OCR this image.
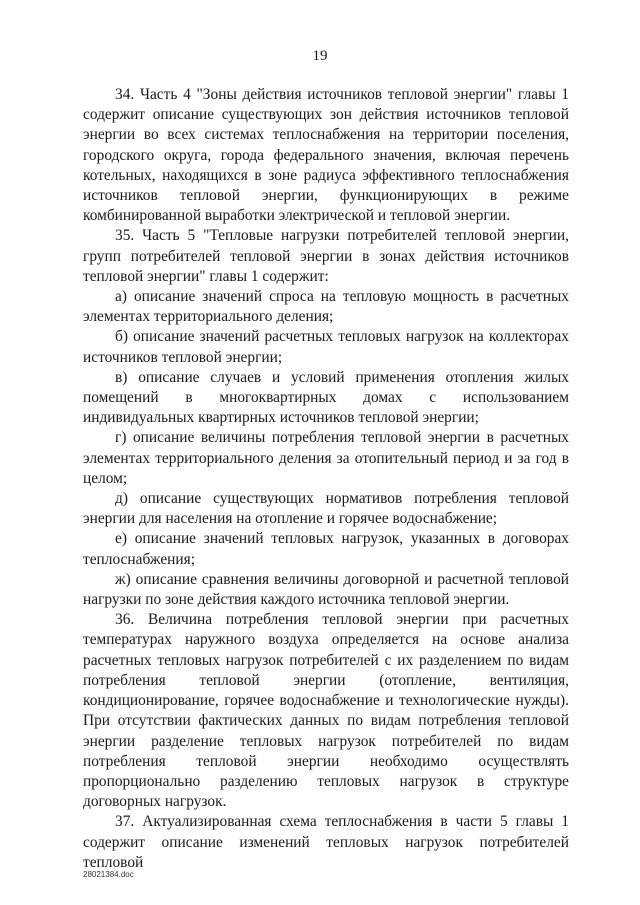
19

34. Часть 4 "Зоны действия источников тепловой энергии" главы 1 содержит описание существующих зон действия источников тепловой энергии во всех системах теплоснабжения на территории поселения, городского округа, города федерального значения, включая перечень котельных, находящихся в зоне радиуса эффективного теплоснабжения источников тепловой энергии, функционирующих в режиме комбинированной выработки электрической и тепловой энергии.

35. Часть 5 "Тепловые нагрузки потребителей тепловой энергии, групп потребителей тепловой энергии в зонах действия источников тепловой энергии" главы 1 содержит:

а) описание значений спроса на тепловую мощность в расчетных элементах территориального деления;

б) описание значений расчетных тепловых нагрузок на коллекторах источников тепловой энергии;

в) описание случаев и условий применения отопления жилых помещений в многоквартирных домах с использованием индивидуальных квартирных источников тепловой энергии;

г) описание величины потребления тепловой энергии в расчетных элементах территориального деления за отопительный период и за год в целом;

д) описание существующих нормативов потребления тепловой энергии для населения на отопление и горячее водоснабжение;

е) описание значений тепловых нагрузок, указанных в договорах теплоснабжения;

ж) описание сравнения величины договорной и расчетной тепловой нагрузки по зоне действия каждого источника тепловой энергии.

36. Величина потребления тепловой энергии при расчетных температурах наружного воздуха определяется на основе анализа расчетных тепловых нагрузок потребителей с их разделением по видам потребления тепловой энергии (отопление, вентиляция, кондиционирование, горячее водоснабжение и технологические нужды). При отсутствии фактических данных по видам потребления тепловой энергии разделение тепловых нагрузок потребителей по видам потребления тепловой энергии необходимо осуществлять пропорционально разделению тепловых нагрузок в структуре договорных нагрузок.

37. Актуализированная схема теплоснабжения в части 5 главы 1 содержит описание изменений тепловых нагрузок потребителей тепловой

28021384.doc
